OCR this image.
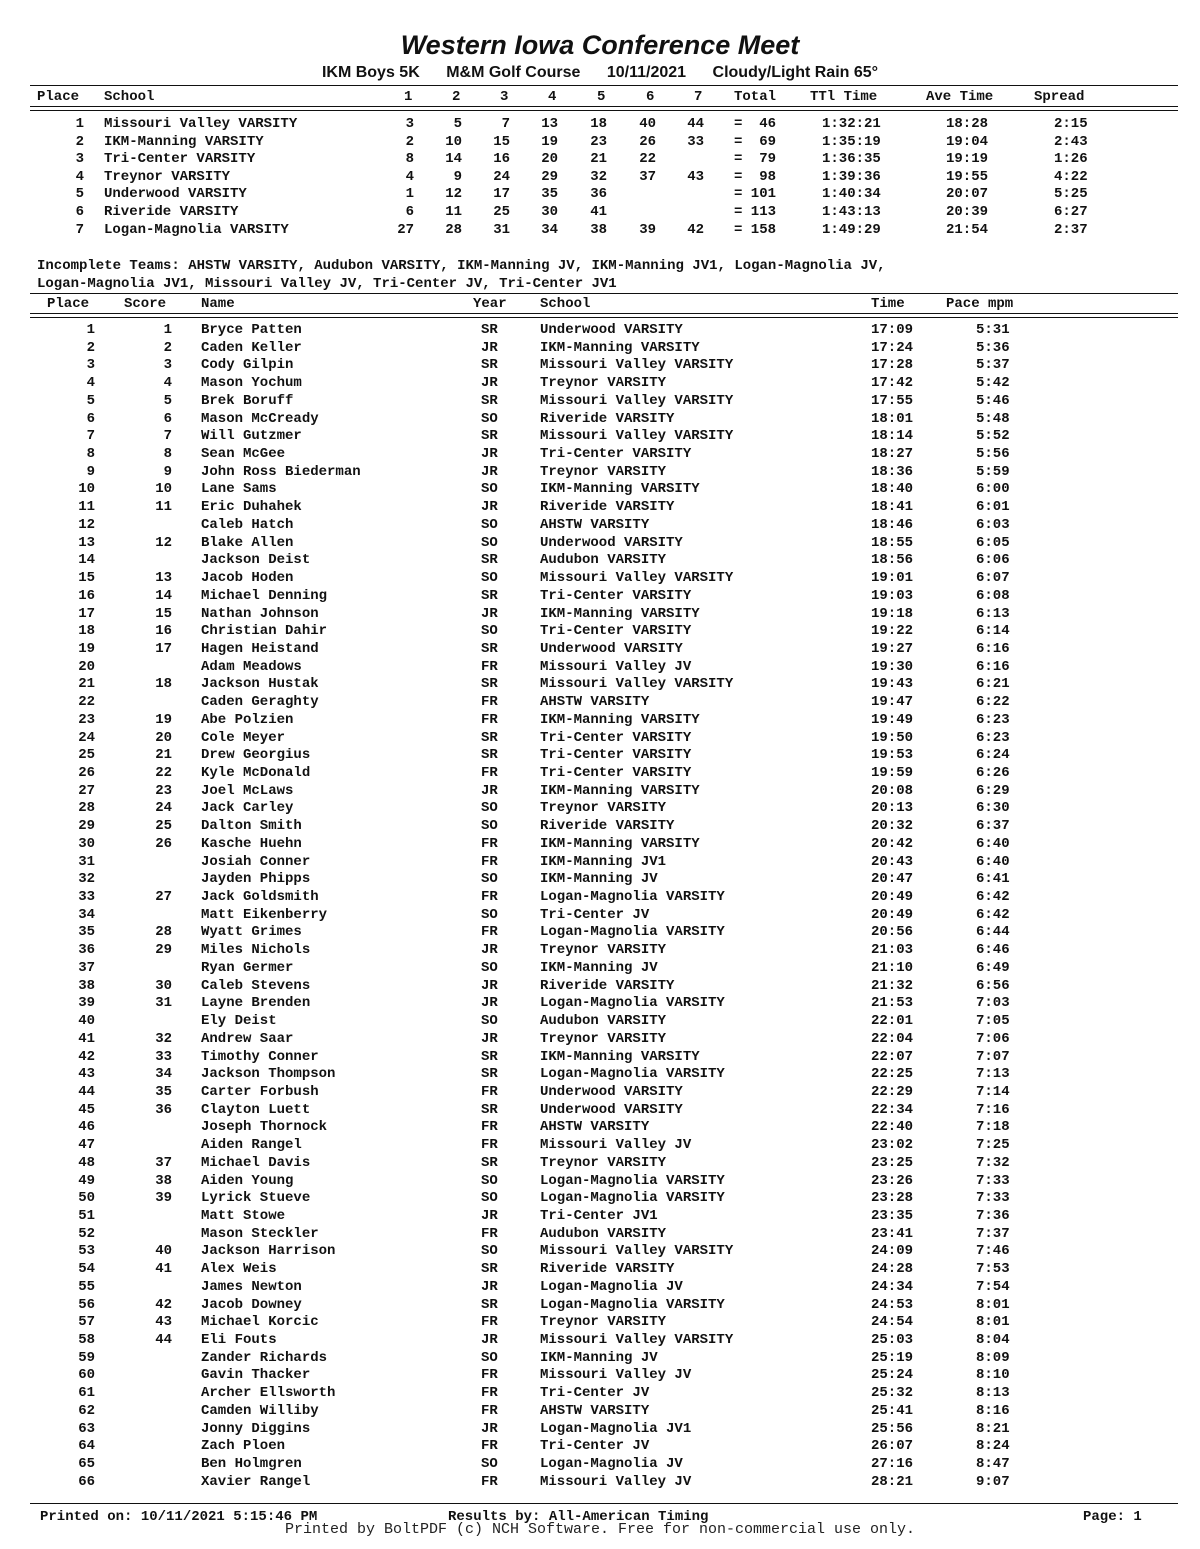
Western Iowa Conference Meet
IKM Boys 5K M&M Golf Course 10/11/2021 Cloudy/Light Rain 65°
Place School	1	2	3	4	5	6	7 Total TTl Time	Ave Time	Spread
1 Missouri Valley VARSITY	3	5	7	13	18	40	44 =  46	1:32:21	18:28	2:15
2 IKM-Manning VARSITY	2	10	15	19	23	26	33 =  69	1:35:19	19:04	2:43
3 Tri-Center VARSITY	8	14	16	20	21	22	=  79	1:36:35	19:19	1:26
4 Treynor VARSITY	4	9	24	29	32	37	43 =  98	1:39:36	19:55	4:22
5 Underwood VARSITY	1	12	17	35	36	= 101	1:40:34	20:07	5:25
6 Riveride VARSITY	6	11	25	30	41	= 113	1:43:13	20:39	6:27
7 Logan-Magnolia VARSITY	27	28	31	34	38	39	42 = 158	1:49:29	21:54	2:37
Incomplete Teams: AHSTW VARSITY, Audubon VARSITY, IKM-Manning JV, IKM-Manning JV1, Logan-Magnolia JV,
Logan-Magnolia JV1, Missouri Valley JV, Tri-Center JV, Tri-Center JV1
Place Score Name	Year School	Time	Pace mpm
1	1 Bryce Patten	SR	Underwood VARSITY	17:09	5:31
2	2 Caden Keller	JR	IKM-Manning VARSITY	17:24	5:36
3	3 Cody Gilpin	SR	Missouri Valley VARSITY	17:28	5:37
4	4 Mason Yochum	JR	Treynor VARSITY	17:42	5:42
5	5 Brek Boruff	SR	Missouri Valley VARSITY	17:55	5:46
6	6 Mason McCready	SO	Riveride VARSITY	18:01	5:48
7	7 Will Gutzmer	SR	Missouri Valley VARSITY	18:14	5:52
8	8 Sean McGee	JR	Tri-Center VARSITY	18:27	5:56
9	9 John Ross Biederman	JR	Treynor VARSITY	18:36	5:59
10	10 Lane Sams	SO	IKM-Manning VARSITY	18:40	6:00
11	11 Eric Duhahek	JR	Riveride VARSITY	18:41	6:01
12	Caleb Hatch	SO	AHSTW VARSITY	18:46	6:03
13	12 Blake Allen	SO	Underwood VARSITY	18:55	6:05
14	Jackson Deist	SR	Audubon VARSITY	18:56	6:06
15	13 Jacob Hoden	SO	Missouri Valley VARSITY	19:01	6:07
16	14 Michael Denning	SR	Tri-Center VARSITY	19:03	6:08
17	15 Nathan Johnson	JR	IKM-Manning VARSITY	19:18	6:13
18	16 Christian Dahir	SO	Tri-Center VARSITY	19:22	6:14
19	17 Hagen Heistand	SR	Underwood VARSITY	19:27	6:16
20	Adam Meadows	FR	Missouri Valley JV	19:30	6:16
21	18 Jackson Hustak	SR	Missouri Valley VARSITY	19:43	6:21
22	Caden Geraghty	FR	AHSTW VARSITY	19:47	6:22
23	19 Abe Polzien	FR	IKM-Manning VARSITY	19:49	6:23
24	20 Cole Meyer	SR	Tri-Center VARSITY	19:50	6:23
25	21 Drew Georgius	SR	Tri-Center VARSITY	19:53	6:24
26	22 Kyle McDonald	FR	Tri-Center VARSITY	19:59	6:26
27	23 Joel McLaws	JR	IKM-Manning VARSITY	20:08	6:29
28	24 Jack Carley	SO	Treynor VARSITY	20:13	6:30
29	25 Dalton Smith	SO	Riveride VARSITY	20:32	6:37
30	26 Kasche Huehn	FR	IKM-Manning VARSITY	20:42	6:40
31	Josiah Conner	FR	IKM-Manning JV1	20:43	6:40
32	Jayden Phipps	SO	IKM-Manning JV	20:47	6:41
33	27 Jack Goldsmith	FR	Logan-Magnolia VARSITY	20:49	6:42
34	Matt Eikenberry	SO	Tri-Center JV	20:49	6:42
35	28 Wyatt Grimes	FR	Logan-Magnolia VARSITY	20:56	6:44
36	29 Miles Nichols	JR	Treynor VARSITY	21:03	6:46
37	Ryan Germer	SO	IKM-Manning JV	21:10	6:49
38	30 Caleb Stevens	JR	Riveride VARSITY	21:32	6:56
39	31 Layne Brenden	JR	Logan-Magnolia VARSITY	21:53	7:03
40	Ely Deist	SO	Audubon VARSITY	22:01	7:05
41	32 Andrew Saar	JR	Treynor VARSITY	22:04	7:06
42	33 Timothy Conner	SR	IKM-Manning VARSITY	22:07	7:07
43	34 Jackson Thompson	SR	Logan-Magnolia VARSITY	22:25	7:13
44	35 Carter Forbush	FR	Underwood VARSITY	22:29	7:14
45	36 Clayton Luett	SR	Underwood VARSITY	22:34	7:16
46	Joseph Thornock	FR	AHSTW VARSITY	22:40	7:18
47	Aiden Rangel	FR	Missouri Valley JV	23:02	7:25
48	37 Michael Davis	SR	Treynor VARSITY	23:25	7:32
49	38 Aiden Young	SO	Logan-Magnolia VARSITY	23:26	7:33
50	39 Lyrick Stueve	SO	Logan-Magnolia VARSITY	23:28	7:33
51	Matt Stowe	JR	Tri-Center JV1	23:35	7:36
52	Mason Steckler	FR	Audubon VARSITY	23:41	7:37
53	40 Jackson Harrison	SO	Missouri Valley VARSITY	24:09	7:46
54	41 Alex Weis	SR	Riveride VARSITY	24:28	7:53
55	James Newton	JR	Logan-Magnolia JV	24:34	7:54
56	42 Jacob Downey	SR	Logan-Magnolia VARSITY	24:53	8:01
57	43 Michael Korcic	FR	Treynor VARSITY	24:54	8:01
58	44 Eli Fouts	JR	Missouri Valley VARSITY	25:03	8:04
59	Zander Richards	SO	IKM-Manning JV	25:19	8:09
60	Gavin Thacker	FR	Missouri Valley JV	25:24	8:10
61	Archer Ellsworth	FR	Tri-Center JV	25:32	8:13
62	Camden Williby	FR	AHSTW VARSITY	25:41	8:16
63	Jonny Diggins	JR	Logan-Magnolia JV1	25:56	8:21
64	Zach Ploen	FR	Tri-Center JV	26:07	8:24
65	Ben Holmgren	SO	Logan-Magnolia JV	27:16	8:47
66	Xavier Rangel	FR	Missouri Valley JV	28:21	9:07
Printed on: 10/11/2021 5:15:46 PM	Results by: All-American Timing	Page: 1
Printed by BoltPDF (c) NCH Software. Free for non-commercial use only.
